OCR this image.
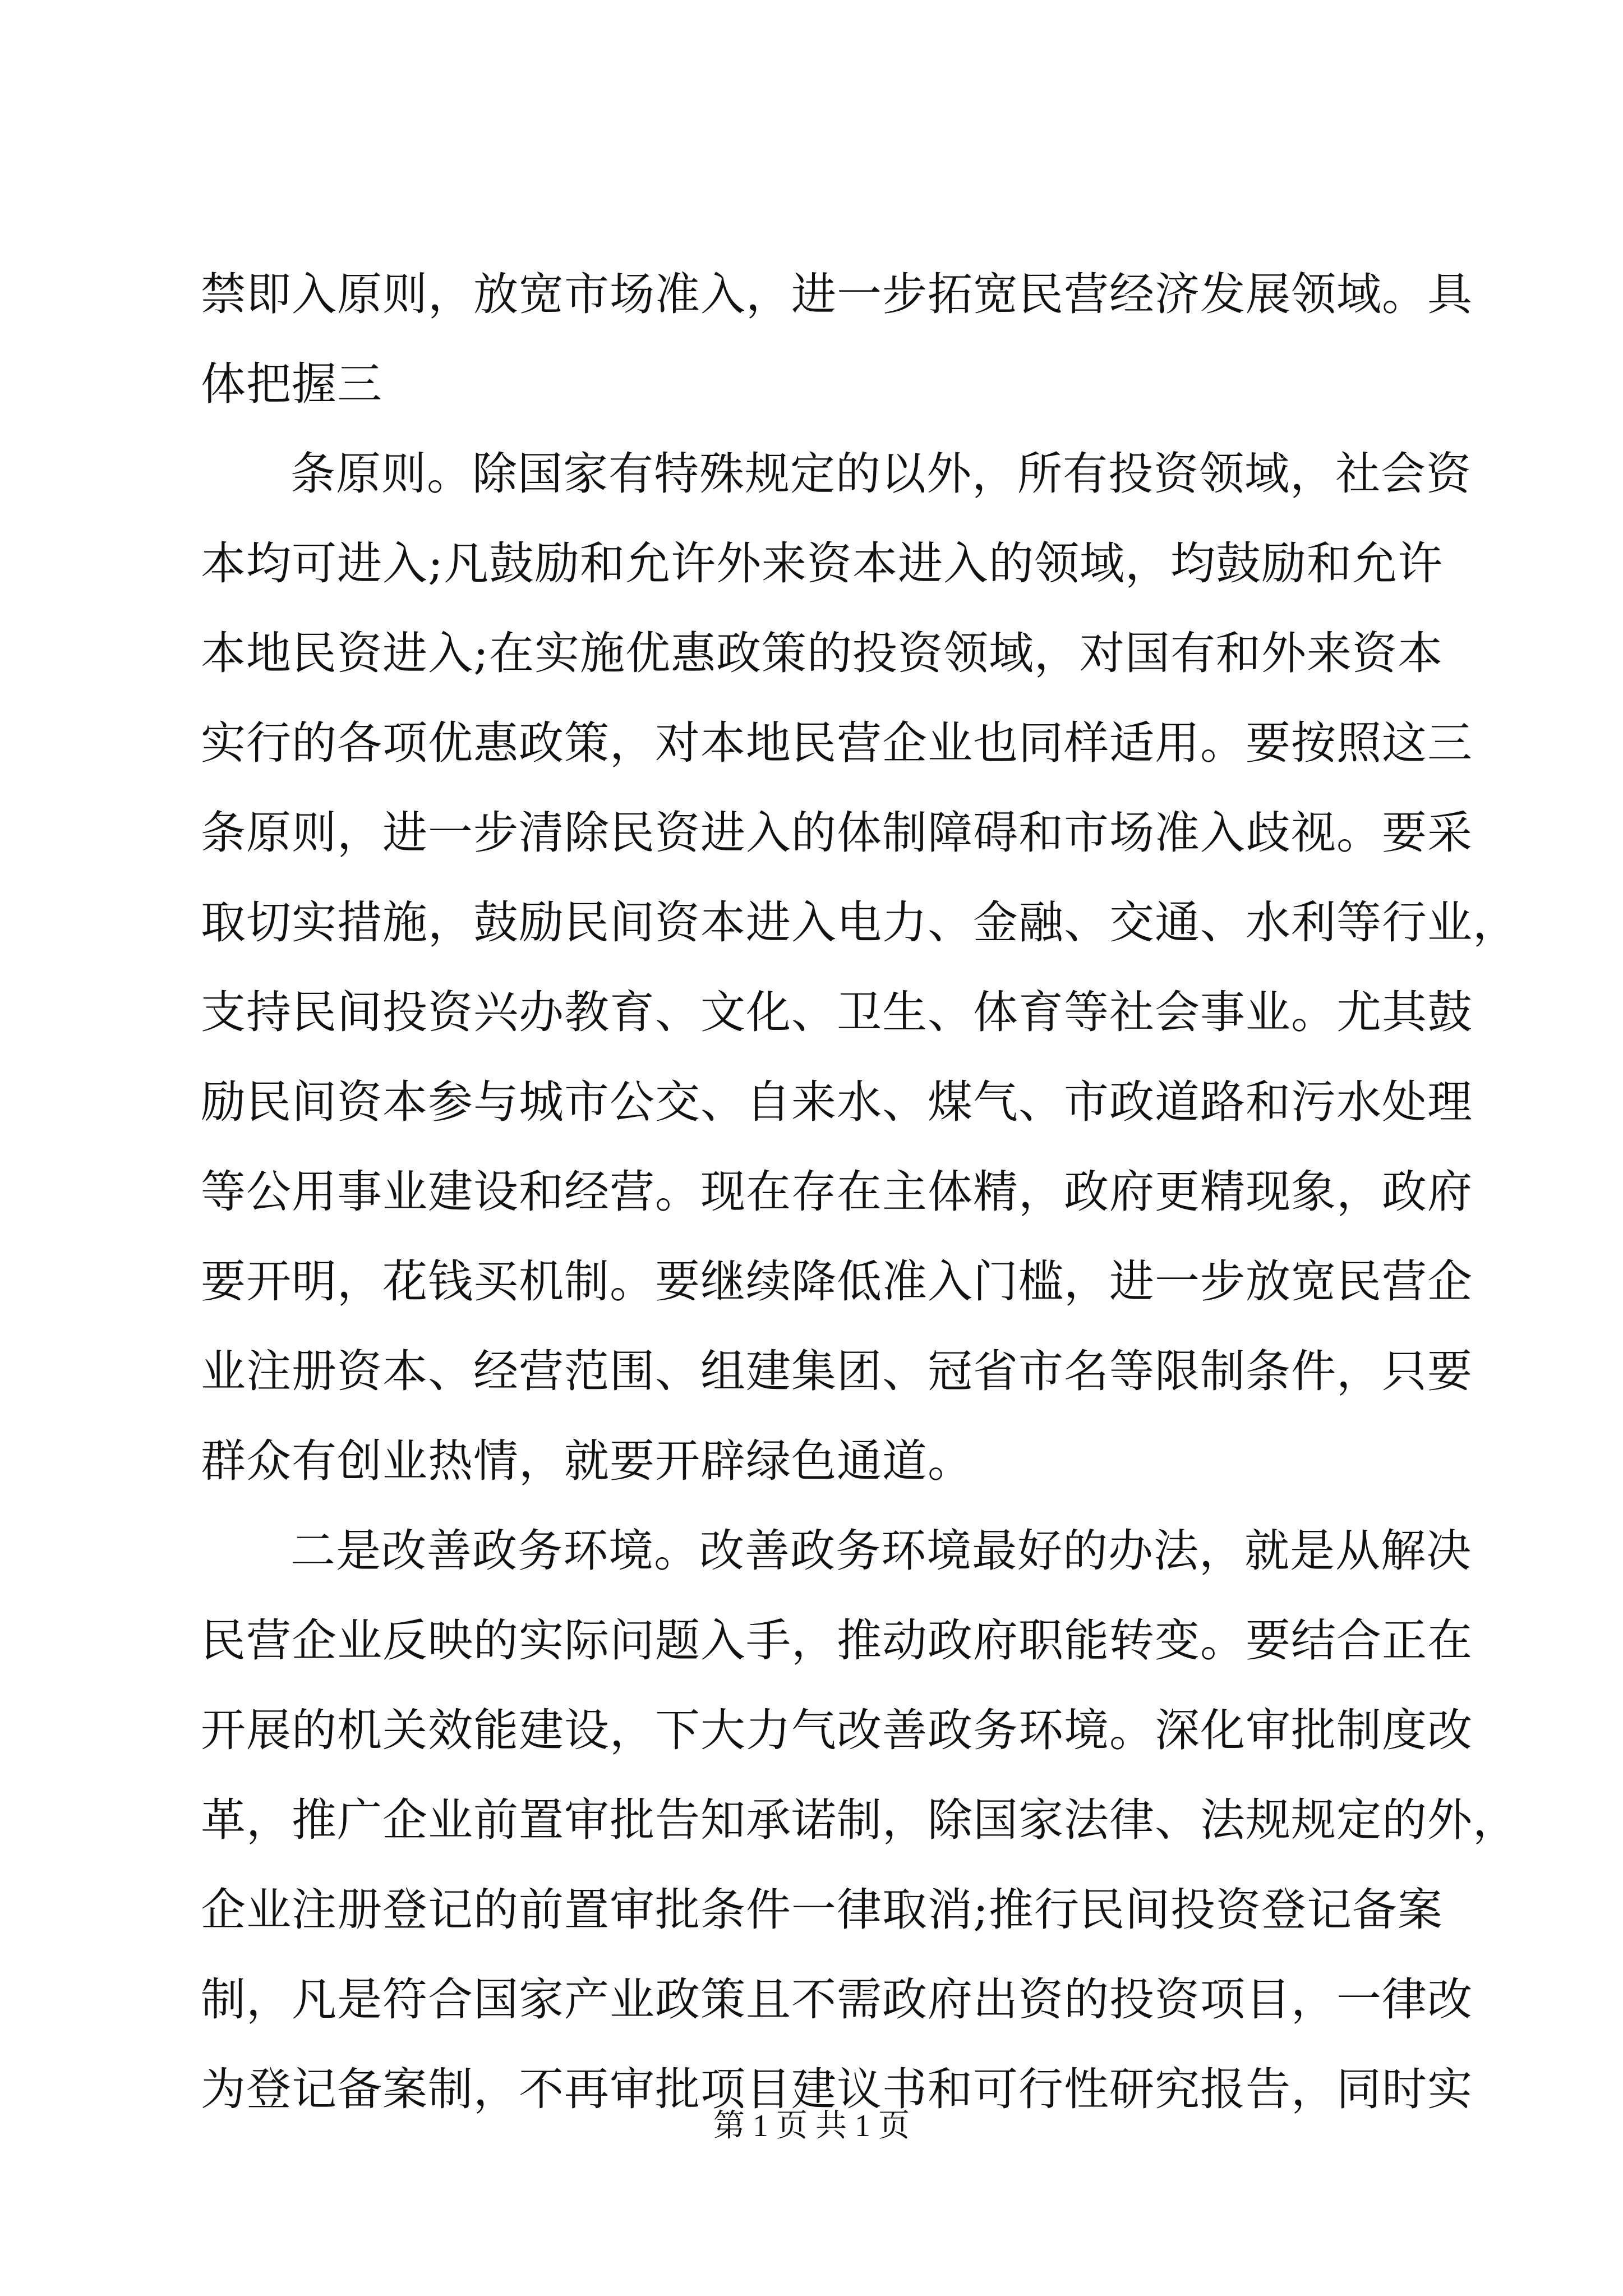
禁即入原则，放宽市场准入，进一步拓宽民营经济发展领域。具
体把握三
条原则。除国家有特殊规定的以外，所有投资领域，社会资
本均可进入;凡鼓励和允许外来资本进入的领域，均鼓励和允许
本地民资进入;在实施优惠政策的投资领域，对国有和外来资本
实行的各项优惠政策，对本地民营企业也同样适用。要按照这三
条原则，进一步清除民资进入的体制障碍和市场准入歧视。要采
取切实措施，鼓励民间资本进入电力、金融、交通、水利等行业，
支持民间投资兴办教育、文化、卫生、体育等社会事业。尤其鼓
励民间资本参与城市公交、自来水、煤气、市政道路和污水处理
等公用事业建设和经营。现在存在主体精，政府更精现象，政府
要开明，花钱买机制。要继续降低准入门槛，进一步放宽民营企
业注册资本、经营范围、组建集团、冠省市名等限制条件，只要
群众有创业热情，就要开辟绿色通道。
二是改善政务环境。改善政务环境最好的办法，就是从解决
民营企业反映的实际问题入手，推动政府职能转变。要结合正在
开展的机关效能建设，下大力气改善政务环境。深化审批制度改
革，推广企业前置审批告知承诺制，除国家法律、法规规定的外，
企业注册登记的前置审批条件一律取消;推行民间投资登记备案
制，凡是符合国家产业政策且不需政府出资的投资项目，一律改
为登记备案制，不再审批项目建议书和可行性研究报告，同时实
第 1 页 共 1 页
